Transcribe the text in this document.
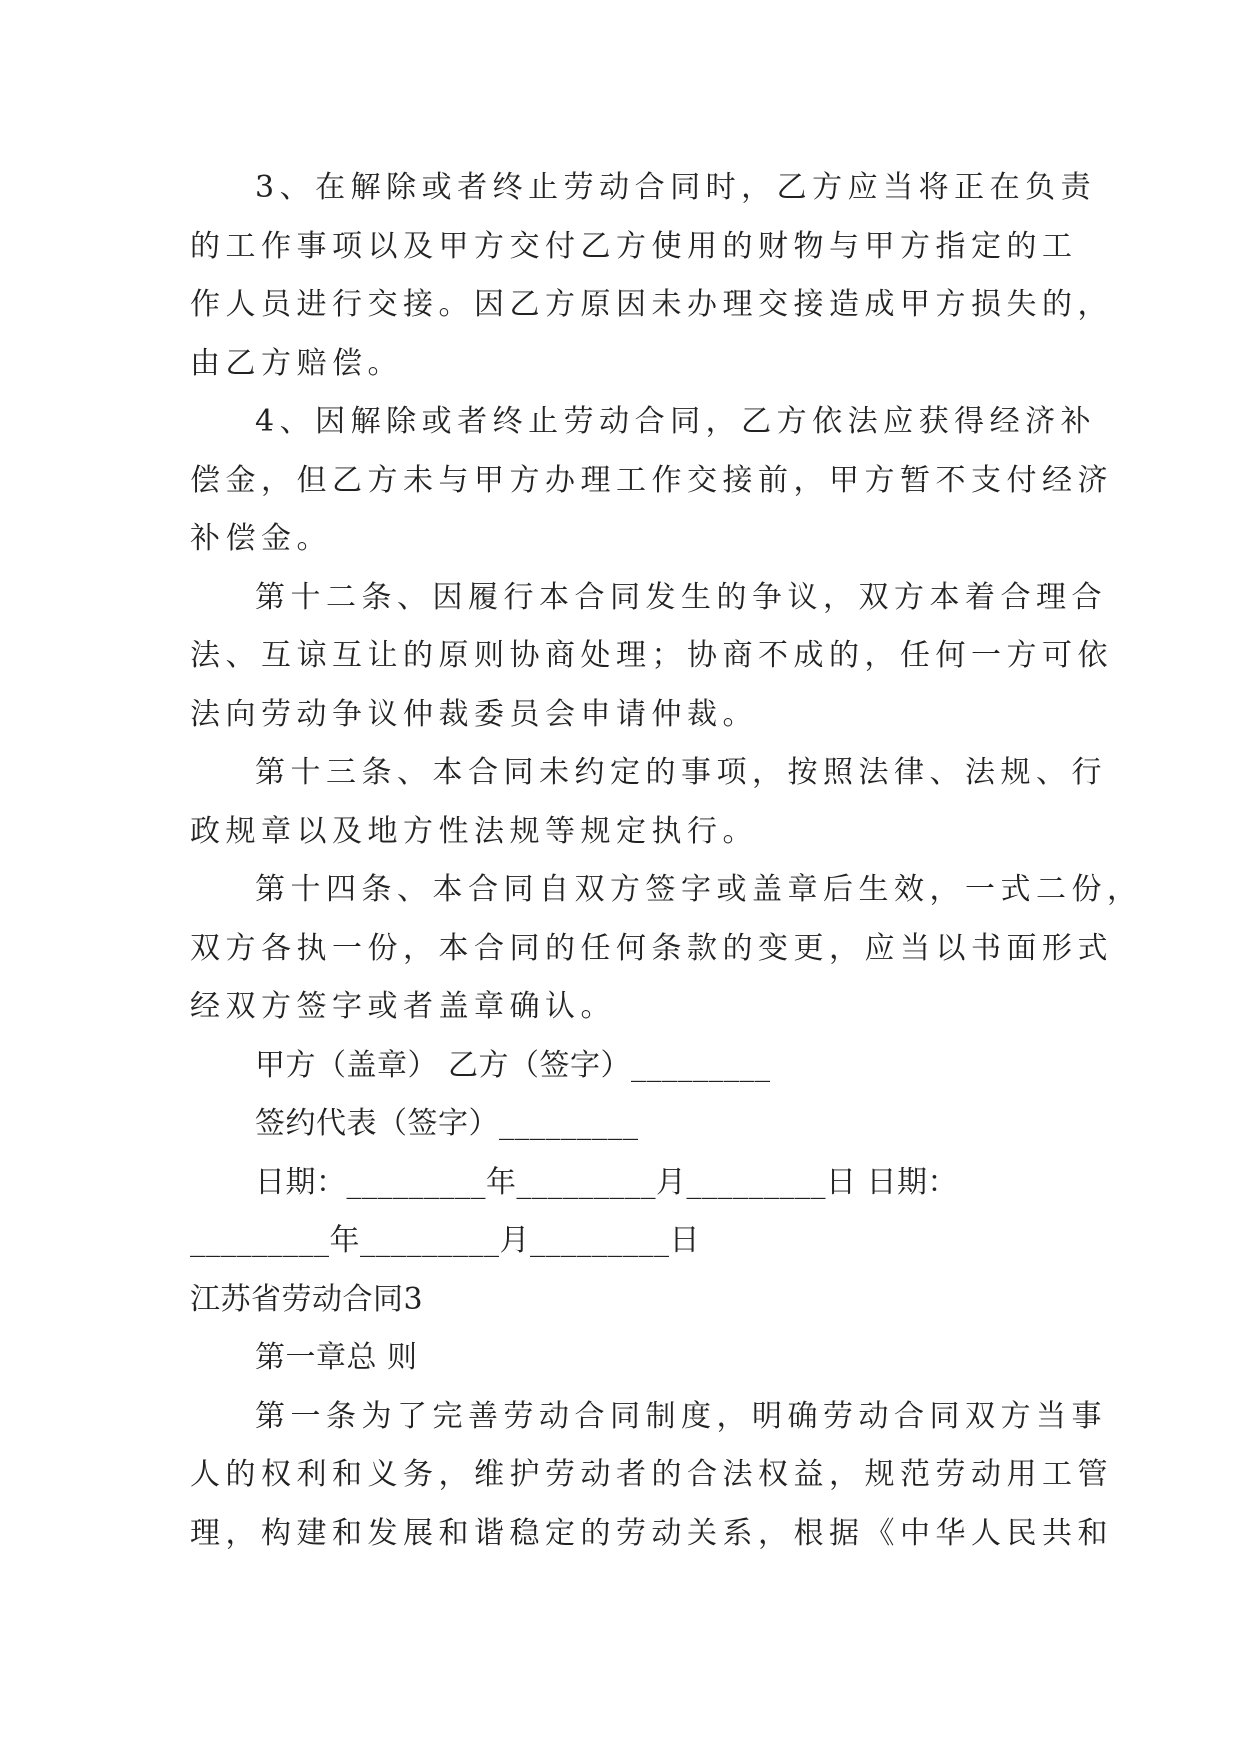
3、在解除或者终止劳动合同时，乙方应当将正在负责
的工作事项以及甲方交付乙方使用的财物与甲方指定的工
作人员进行交接。因乙方原因未办理交接造成甲方损失的，
由乙方赔偿。
4、因解除或者终止劳动合同，乙方依法应获得经济补
偿金，但乙方未与甲方办理工作交接前，甲方暂不支付经济
补偿金。
第十二条、因履行本合同发生的争议，双方本着合理合
法、互谅互让的原则协商处理；协商不成的，任何一方可依
法向劳动争议仲裁委员会申请仲裁。
第十三条、本合同未约定的事项，按照法律、法规、行
政规章以及地方性法规等规定执行。
第十四条、本合同自双方签字或盖章后生效，一式二份，
双方各执一份，本合同的任何条款的变更，应当以书面形式
经双方签字或者盖章确认。
甲方（盖章） 乙方（签字）_________
签约代表（签字）_________
日期：_________年_________月_________日 日期：
_________年_________月_________日
江苏省劳动合同3
第一章总 则
第一条为了完善劳动合同制度，明确劳动合同双方当事
人的权利和义务，维护劳动者的合法权益，规范劳动用工管
理，构建和发展和谐稳定的劳动关系，根据《中华人民共和
